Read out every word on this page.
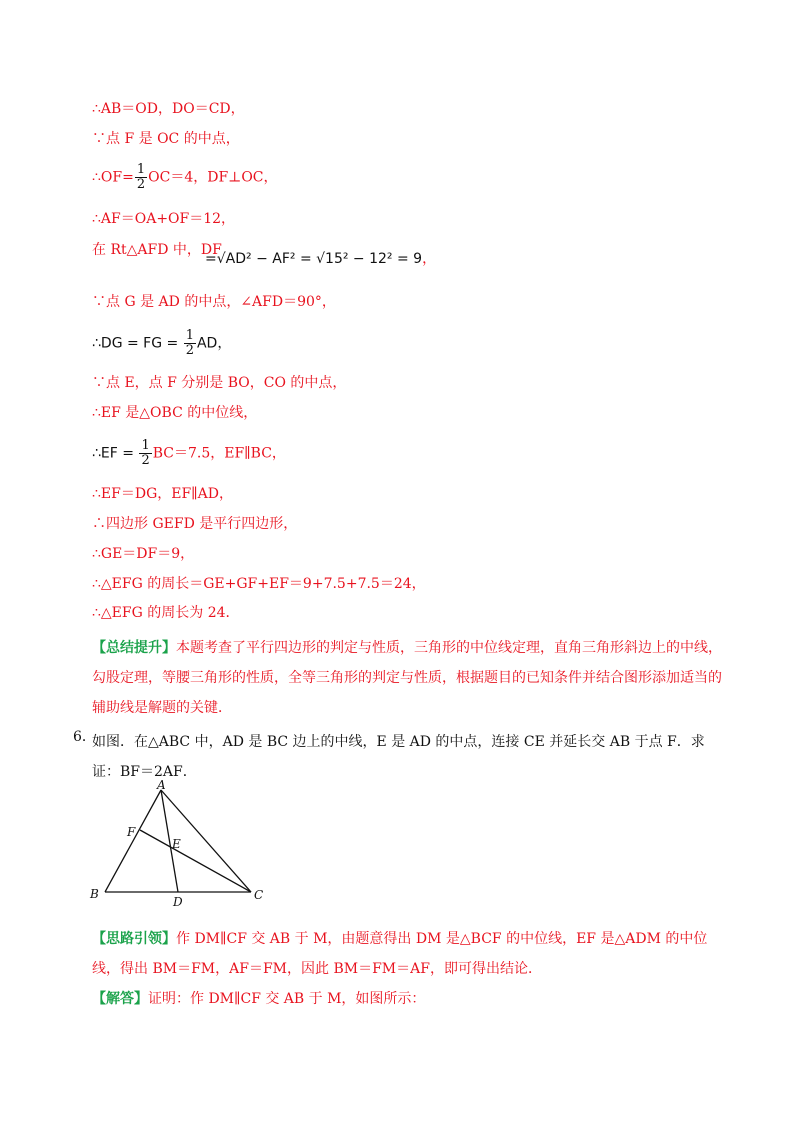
∴AB＝OD，DO＝CD，
∵点 F 是 OC 的中点，
∴OF= $\frac{1}{2} OC=4$，DF⊥OC，
∴AF＝OA+OF＝12，
在 Rt△AFD 中，DF
=√AD² − AF² = √15² − 12² = 9，
∵点 G 是 AD 的中点，∠AFD＝90°，
∴DG = FG = $\frac{1}{2}$ AD，
∵点 E，点 F 分别是 BO，CO 的中点，
∴EF 是△OBC 的中位线，
∴EF = $\frac{1}{2} BC=7.5$，EF∥BC，
∴EF＝DG，EF∥AD，
∴四边形 GEFD 是平行四边形，
∴GE＝DF＝9，
∴△EFG 的周长＝GE+GF+EF＝9+7.5+7.5＝24，
∴△EFG 的周长为 24．
【总结提升】本题考查了平行四边形的判定与性质，三角形的中位线定理，直角三角形斜边上的中线，勾股定理，等腰三角形的性质，全等三角形的判定与性质，根据题目的已知条件并结合图形添加适当的辅助线是解题的关键．
6．
如图．在△ABC 中，AD 是 BC 边上的中线，E 是 AD 的中点，连接 CE 并延长交 AB 于点 F．求证：BF＝2AF．
A
B	C
D
E
F
【思路引领】作 DM∥CF 交 AB 于 M，由题意得出 DM 是△BCF 的中位线，EF 是△ADM 的中位线，得出 BM＝FM，AF＝FM，因此 BM＝FM＝AF，即可得出结论．
【解答】证明：作 DM∥CF 交 AB 于 M，如图所示：
